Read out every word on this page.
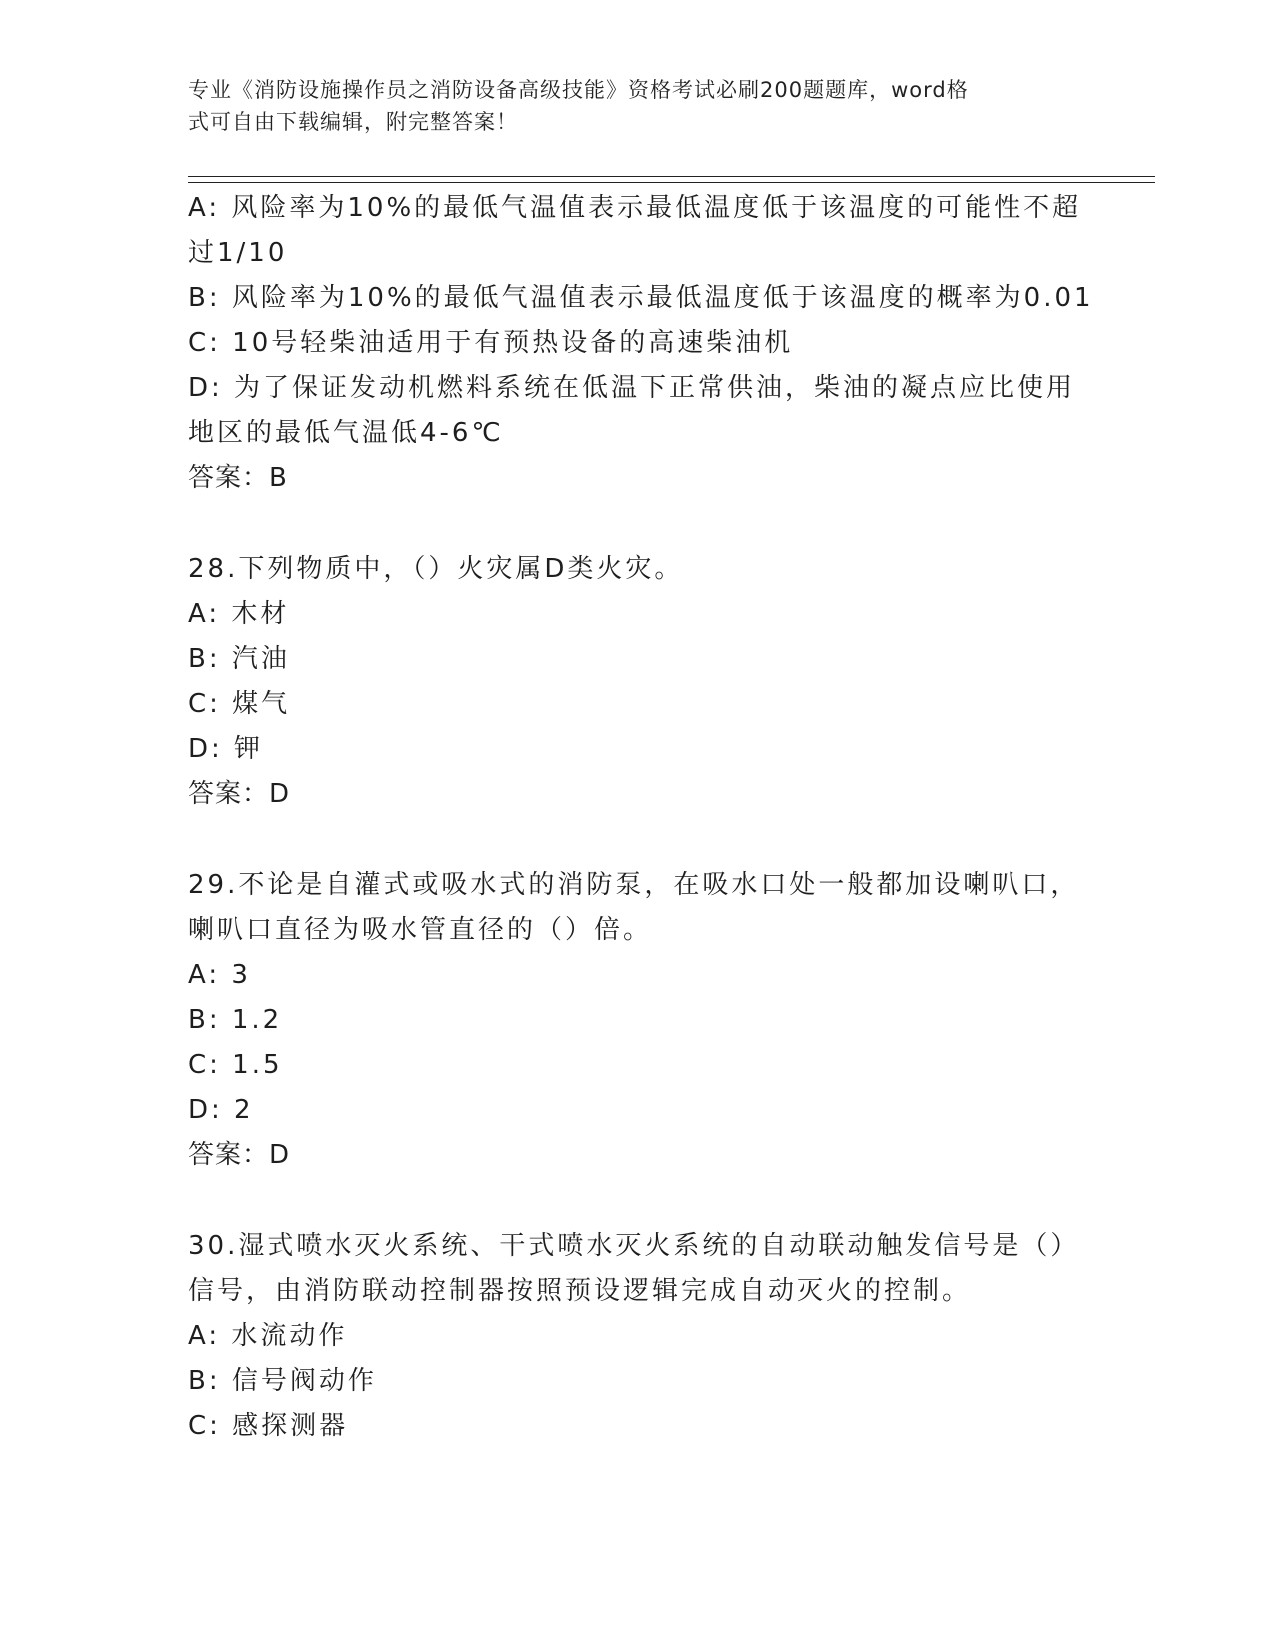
专业《消防设施操作员之消防设备高级技能》资格考试必刷200题题库，word格
式可自由下载编辑，附完整答案！
A: 风险率为10%的最低气温值表示最低温度低于该温度的可能性不超
过1/10
B: 风险率为10%的最低气温值表示最低温度低于该温度的概率为0.01
C: 10号轻柴油适用于有预热设备的高速柴油机
D: 为了保证发动机燃料系统在低温下正常供油，柴油的凝点应比使用
地区的最低气温低4-6℃
答案：B
28.下列物质中，（）火灾属D类火灾。
A: 木材
B: 汽油
C: 煤气
D: 钾
答案：D
29.不论是自灌式或吸水式的消防泵，在吸水口处一般都加设喇叭口，
喇叭口直径为吸水管直径的（）倍。
A: 3
B: 1.2
C: 1.5
D: 2
答案：D
30.湿式喷水灭火系统、干式喷水灭火系统的自动联动触发信号是（）
信号，由消防联动控制器按照预设逻辑完成自动灭火的控制。
A: 水流动作
B: 信号阀动作
C: 感探测器
